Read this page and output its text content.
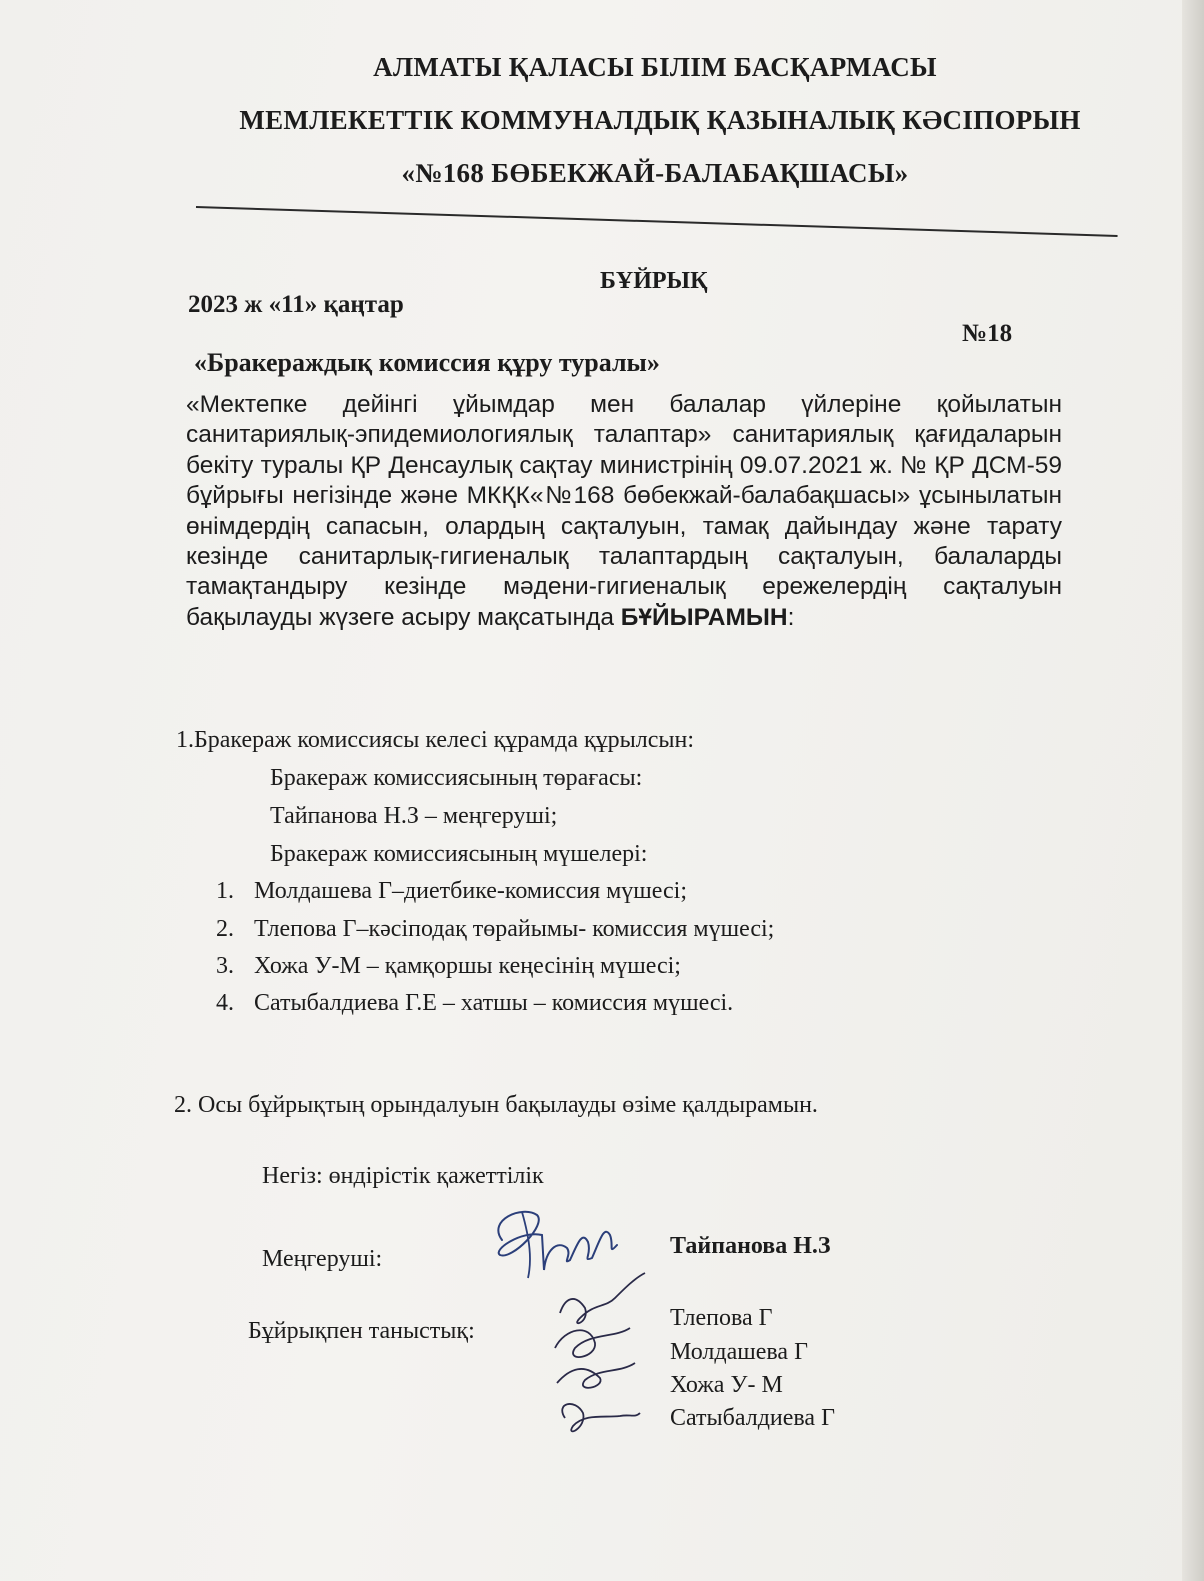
АЛМАТЫ ҚАЛАСЫ БІЛІМ БАСҚАРМАСЫ
МЕМЛЕКЕТТІК КОММУНАЛДЫҚ ҚАЗЫНАЛЫҚ КӘСІПОРЫН
«№168 БӨБЕКЖАЙ-БАЛАБАҚШАСЫ»
БҰЙРЫҚ
2023 ж «11» қаңтар
№18
«Бракераждық комиссия құру туралы»
«Мектепке дейінгі ұйымдар мен балалар үйлеріне қойылатын санитариялық-эпидемиологиялық талаптар» санитариялық қағидаларын бекіту туралы ҚР Денсаулық сақтау министрінің 09.07.2021 ж. № ҚР ДСМ-59 бұйрығы негізінде және МКҚК«№168 бөбекжай-балабақшасы» ұсынылатын өнімдердің сапасын, олардың сақталуын, тамақ дайындау және тарату кезінде санитарлық-гигиеналық талаптардың сақталуын, балаларды тамақтандыру кезінде мәдени-гигиеналық ережелердің сақталуын бақылауды жүзеге асыру мақсатында БҰЙЫРАМЫН:
1.Бракераж комиссиясы келесі құрамда құрылсын:
Бракераж комиссиясының төрағасы:
Тайпанова Н.З – меңгеруші;
Бракераж комиссиясының мүшелері:
1. Молдашева Г–диетбике-комиссия мүшесі;
2. Тлепова Г–кәсіподақ төрайымы- комиссия мүшесі;
3. Хожа У-М – қамқоршы кеңесінің мүшесі;
4. Сатыбалдиева Г.Е – хатшы – комиссия мүшесі.
2. Осы бұйрықтың орындалуын бақылауды өзіме қалдырамын.
Негіз: өндірістік қажеттілік
Меңгеруші:	Тайпанова Н.З
Бұйрықпен таныстық:	Тлепова Г
Молдашева Г
Хожа У- М
Сатыбалдиева Г
